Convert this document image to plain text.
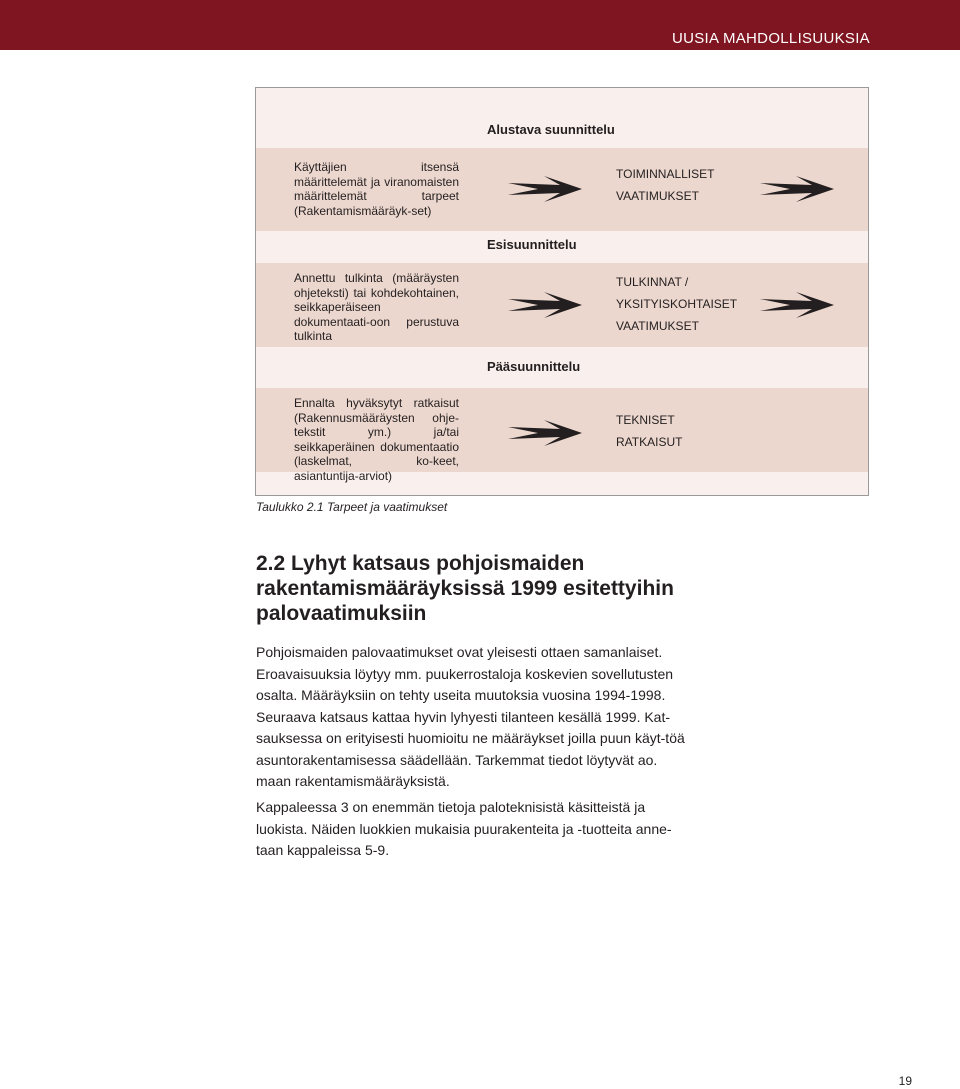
UUSIA MAHDOLLISUUKSIA
Alustava suunnittelu
Käyttäjien itsensä määrittelemät ja viranomaisten määrittelemät tarpeet (Rakentamismääräyk-set)
TOIMINNALLISET
VAATIMUKSET
Esisuunnittelu
Annettu tulkinta (määräysten ohjeteksti) tai kohdekohtainen, seikkaperäiseen dokumentaati-oon perustuva tulkinta
TULKINNAT /
YKSITYISKOHTAISET
VAATIMUKSET
Pääsuunnittelu
Ennalta hyväksytyt ratkaisut (Rakennusmääräysten ohje-tekstit ym.) ja/tai seikkaperäinen dokumentaatio (laskelmat, ko-keet, asiantuntija-arviot)
TEKNISET
RATKAISUT
Taulukko 2.1 Tarpeet ja vaatimukset
2.2 Lyhyt katsaus pohjoismaiden rakentamismääräyksissä 1999 esitettyihin palovaatimuksiin

Pohjoismaiden palovaatimukset ovat yleisesti ottaen samanlaiset. Eroavaisuuksia löytyy mm. puukerrostaloja koskevien sovellutusten osalta. Määräyksiin on tehty useita muutoksia vuosina 1994-1998. Seuraava katsaus kattaa hyvin lyhyesti tilanteen kesällä 1999. Kat-sauksessa on erityisesti huomioitu ne määräykset joilla puun käyt-töä asuntorakentamisessa säädellään. Tarkemmat tiedot löytyvät ao. maan rakentamismääräyksistä.

Kappaleessa 3 on enemmän tietoja paloteknisistä käsitteistä ja luokista. Näiden luokkien mukaisia puurakenteita ja -tuotteita anne-taan kappaleissa 5-9.

19
